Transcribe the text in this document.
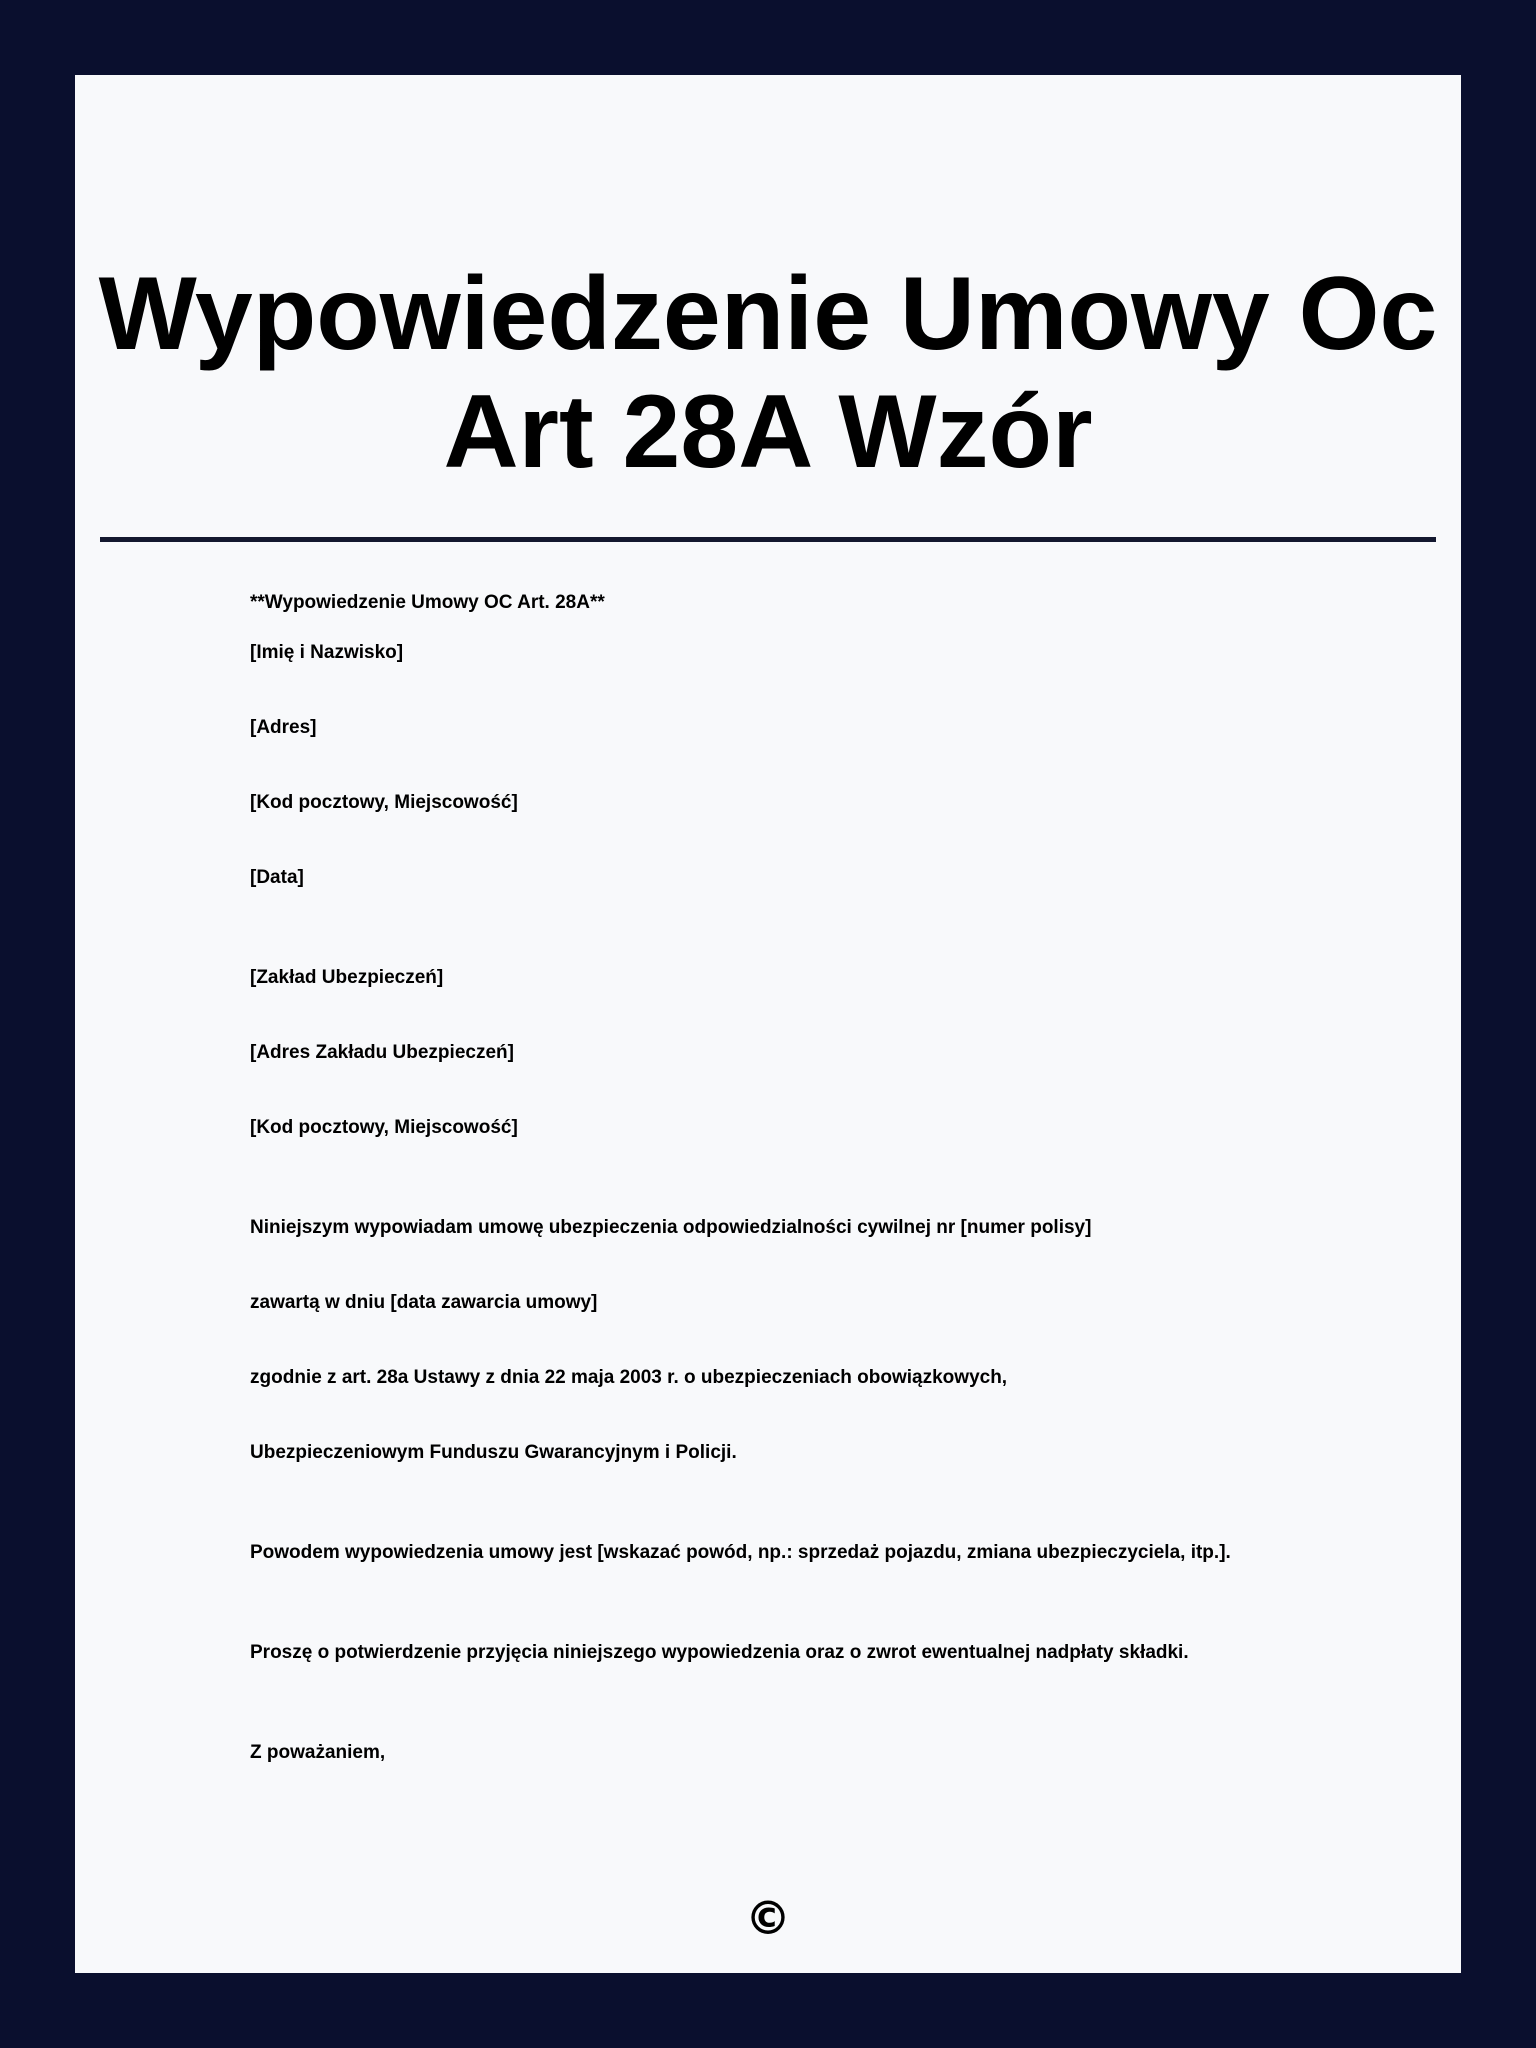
Wypowiedzenie Umowy Oc Art 28A Wzór

**Wypowiedzenie Umowy OC Art. 28A**

[Imię i Nazwisko]

[Adres]

[Kod pocztowy, Miejscowość]

[Data]

[Zakład Ubezpieczeń]

[Adres Zakładu Ubezpieczeń]

[Kod pocztowy, Miejscowość]

Niniejszym wypowiadam umowę ubezpieczenia odpowiedzialności cywilnej nr [numer polisy]

zawartą w dniu [data zawarcia umowy]

zgodnie z art. 28a Ustawy z dnia 22 maja 2003 r. o ubezpieczeniach obowiązkowych,

Ubezpieczeniowym Funduszu Gwarancyjnym i Policji.

Powodem wypowiedzenia umowy jest [wskazać powód, np.: sprzedaż pojazdu, zmiana ubezpieczyciela, itp.].

Proszę o potwierdzenie przyjęcia niniejszego wypowiedzenia oraz o zwrot ewentualnej nadpłaty składki.

Z poważaniem,

©
